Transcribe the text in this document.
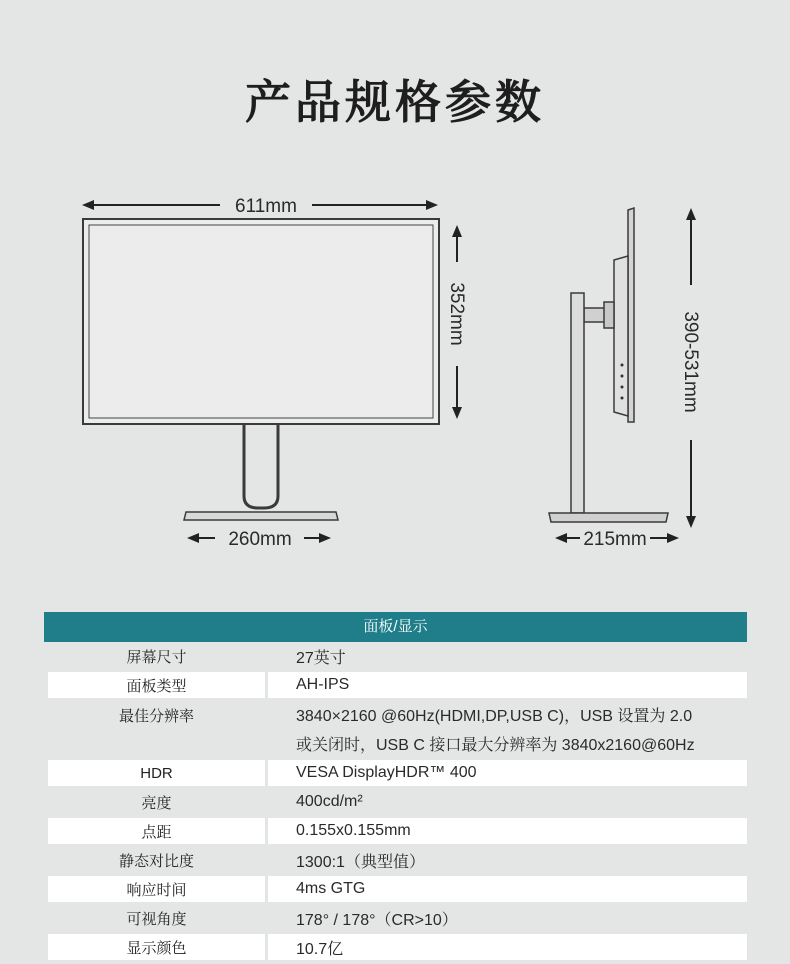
产品规格参数
611mm
352mm
260mm
390-531mm
215mm
面板/显示
屏幕尺寸	27英寸
面板类型	AH-IPS
最佳分辨率	3840×2160 @60Hz(HDMI,DP,USB C)，USB 设置为 2.0
或关闭时，USB C 接口最大分辨率为 3840x2160@60Hz
HDR	VESA DisplayHDR™ 400
亮度	400cd/m²
点距	0.155x0.155mm
静态对比度	1300:1（典型值）
响应时间	4ms GTG
可视角度	178° / 178°（CR>10）
显示颜色	10.7亿
